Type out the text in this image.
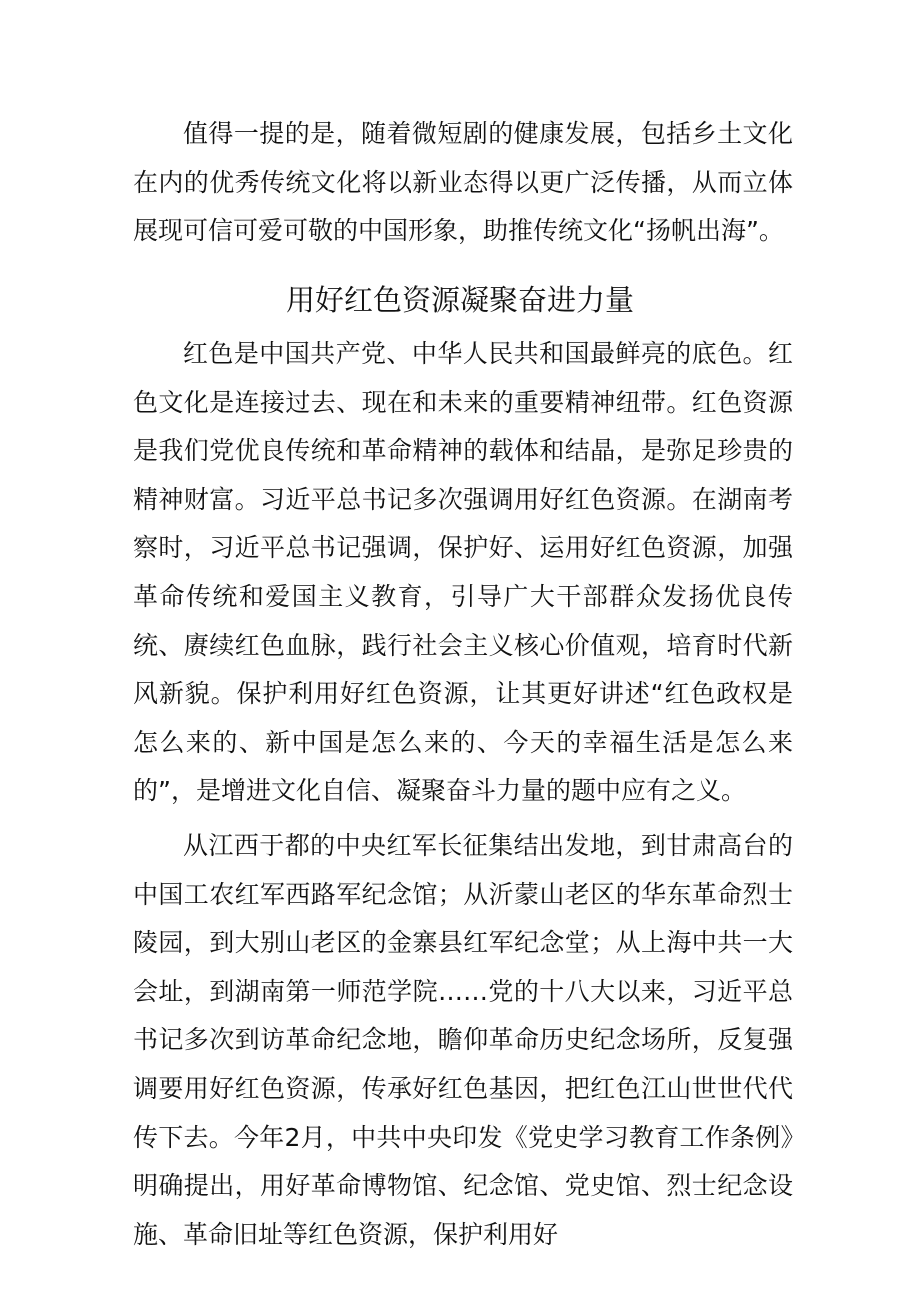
值得一提的是，随着微短剧的健康发展，包括乡土文化在内的优秀传统文化将以新业态得以更广泛传播，从而立体展现可信可爱可敬的中国形象，助推传统文化“扬帆出海”。

用好红色资源凝聚奋进力量

红色是中国共产党、中华人民共和国最鲜亮的底色。红色文化是连接过去、现在和未来的重要精神纽带。红色资源是我们党优良传统和革命精神的载体和结晶，是弥足珍贵的精神财富。习近平总书记多次强调用好红色资源。在湖南考察时，习近平总书记强调，保护好、运用好红色资源，加强革命传统和爱国主义教育，引导广大干部群众发扬优良传统、赓续红色血脉，践行社会主义核心价值观，培育时代新风新貌。保护利用好红色资源，让其更好讲述“红色政权是怎么来的、新中国是怎么来的、今天的幸福生活是怎么来的”，是增进文化自信、凝聚奋斗力量的题中应有之义。

从江西于都的中央红军长征集结出发地，到甘肃高台的中国工农红军西路军纪念馆；从沂蒙山老区的华东革命烈士陵园，到大别山老区的金寨县红军纪念堂；从上海中共一大会址，到湖南第一师范学院……党的十八大以来，习近平总书记多次到访革命纪念地，瞻仰革命历史纪念场所，反复强调要用好红色资源，传承好红色基因，把红色江山世世代代传下去。今年2月，中共中央印发《党史学习教育工作条例》明确提出，用好革命博物馆、纪念馆、党史馆、烈士纪念设施、革命旧址等红色资源，保护利用好
